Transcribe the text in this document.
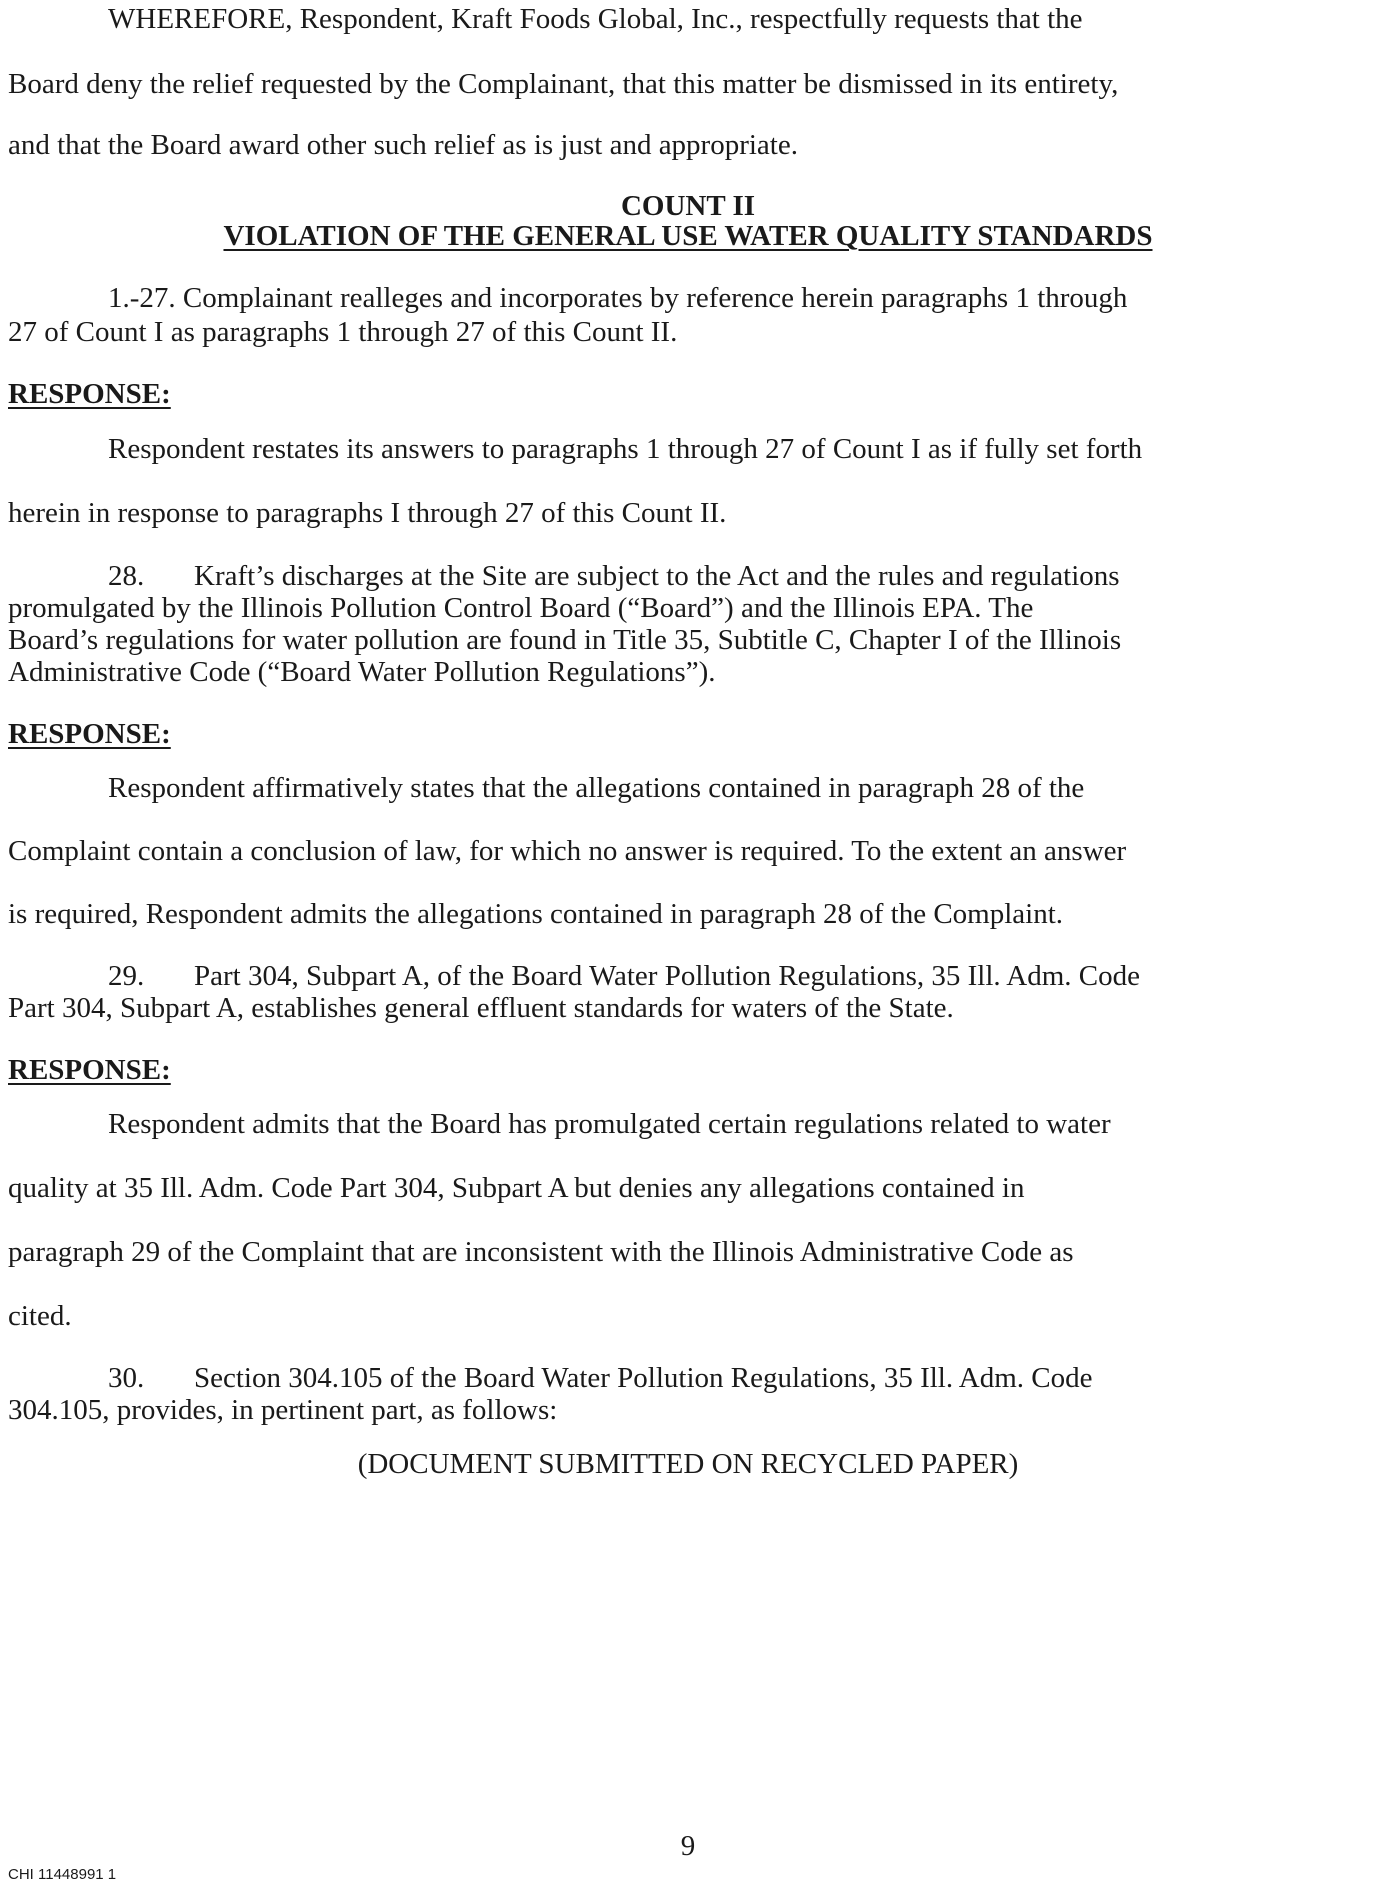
WHEREFORE, Respondent, Kraft Foods Global, Inc., respectfully requests that the
Board deny the relief requested by the Complainant, that this matter be dismissed in its entirety,
and that the Board award other such relief as is just and appropriate.
COUNT II
VIOLATION OF THE GENERAL USE WATER QUALITY STANDARDS
1.-27. Complainant realleges and incorporates by reference herein paragraphs 1 through
27 of Count I as paragraphs 1 through 27 of this Count II.
RESPONSE:
Respondent restates its answers to paragraphs 1 through 27 of Count I as if fully set forth
herein in response to paragraphs I through 27 of this Count II.
28. Kraft’s discharges at the Site are subject to the Act and the rules and regulations
promulgated by the Illinois Pollution Control Board (“Board”) and the Illinois EPA. The
Board’s regulations for water pollution are found in Title 35, Subtitle C, Chapter I of the Illinois
Administrative Code (“Board Water Pollution Regulations”).
RESPONSE:
Respondent affirmatively states that the allegations contained in paragraph 28 of the
Complaint contain a conclusion of law, for which no answer is required. To the extent an answer
is required, Respondent admits the allegations contained in paragraph 28 of the Complaint.
29. Part 304, Subpart A, of the Board Water Pollution Regulations, 35 Ill. Adm. Code
Part 304, Subpart A, establishes general effluent standards for waters of the State.
RESPONSE:
Respondent admits that the Board has promulgated certain regulations related to water
quality at 35 Ill. Adm. Code Part 304, Subpart A but denies any allegations contained in
paragraph 29 of the Complaint that are inconsistent with the Illinois Administrative Code as
cited.
30. Section 304.105 of the Board Water Pollution Regulations, 35 Ill. Adm. Code
304.105, provides, in pertinent part, as follows:
(DOCUMENT SUBMITTED ON RECYCLED PAPER)
9
CHI 11448991 1
